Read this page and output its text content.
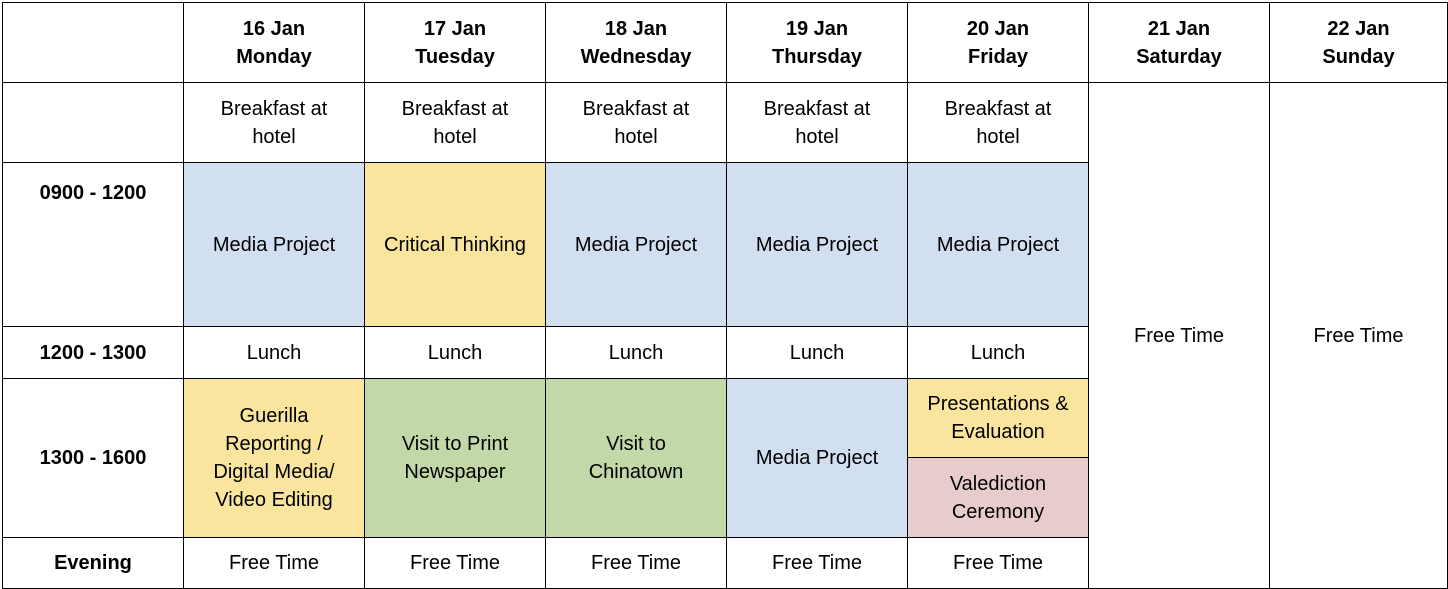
	16 Jan
Monday	17 Jan
Tuesday	18 Jan
Wednesday	19 Jan
Thursday	20 Jan
Friday	21 Jan
Saturday	22 Jan
Sunday

	Breakfast at
hotel	Breakfast at
hotel	Breakfast at
hotel	Breakfast at
hotel	Breakfast at
hotel	Free Time	Free Time
0900 - 1200	Media Project	Critical Thinking	Media Project	Media Project	Media Project		
1200 - 1300	Lunch	Lunch	Lunch	Lunch	Lunch		
1300 - 1600	Guerilla
Reporting /
Digital Media/
Video Editing	Visit to Print
Newspaper	Visit to
Chinatown	Media Project	Presentations &
Evaluation		

					Valediction
Ceremony		

Evening	Free Time	Free Time	Free Time	Free Time	Free Time		
